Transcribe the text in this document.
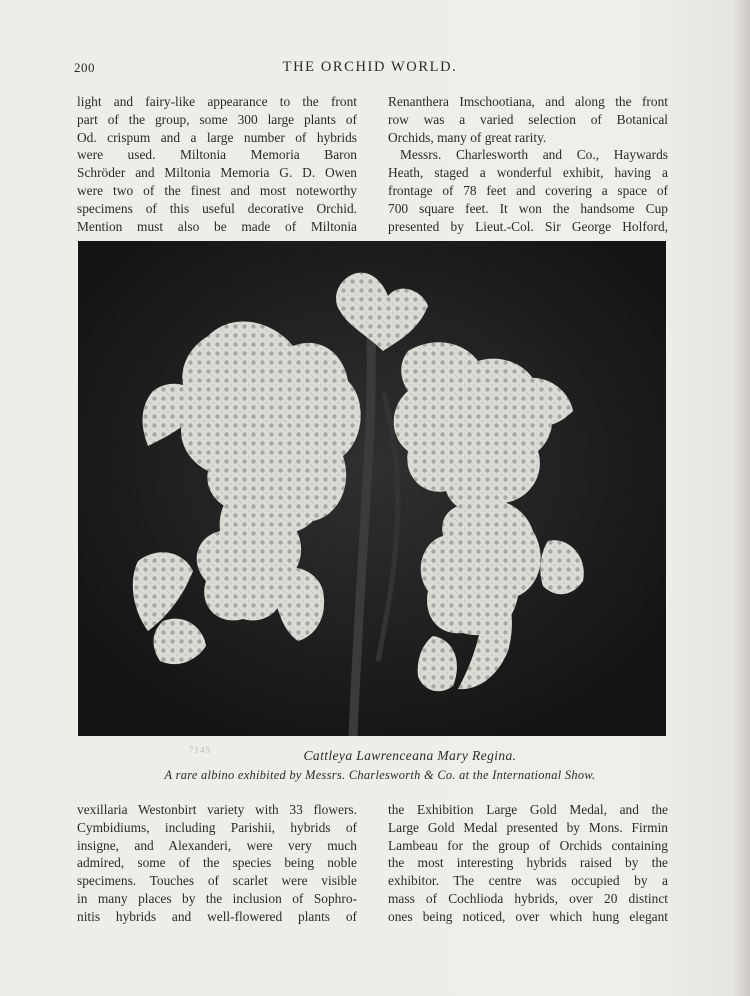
200	THE ORCHID WORLD.
light and fairy-like appearance to the front
part of the group, some 300 large plants of
Od. crispum and a large number of hybrids
were used. Miltonia Memoria Baron
Schröder and Miltonia Memoria G. D. Owen
were two of the finest and most noteworthy
specimens of this useful decorative Orchid.
Mention must also be made of Miltonia
Renanthera Imschootiana, and along the front
row was a varied selection of Botanical
Orchids, many of great rarity.
Messrs. Charlesworth and Co., Haywards
Heath, staged a wonderful exhibit, having a
frontage of 78 feet and covering a space of
700 square feet. It won the handsome Cup
presented by Lieut.-Col. Sir George Holford,
7145	Cattleya Lawrenceana Mary Regina.
A rare albino exhibited by Messrs. Charlesworth & Co. at the International Show.
vexillaria Westonbirt variety with 33 flowers.
Cymbidiums, including Parishii, hybrids of
insigne, and Alexanderi, were very much
admired, some of the species being noble
specimens. Touches of scarlet were visible
in many places by the inclusion of Sophro-
nitis hybrids and well-flowered plants of
the Exhibition Large Gold Medal, and the
Large Gold Medal presented by Mons. Firmin
Lambeau for the group of Orchids containing
the most interesting hybrids raised by the
exhibitor. The centre was occupied by a
mass of Cochlioda hybrids, over 20 distinct
ones being noticed, over which hung elegant
